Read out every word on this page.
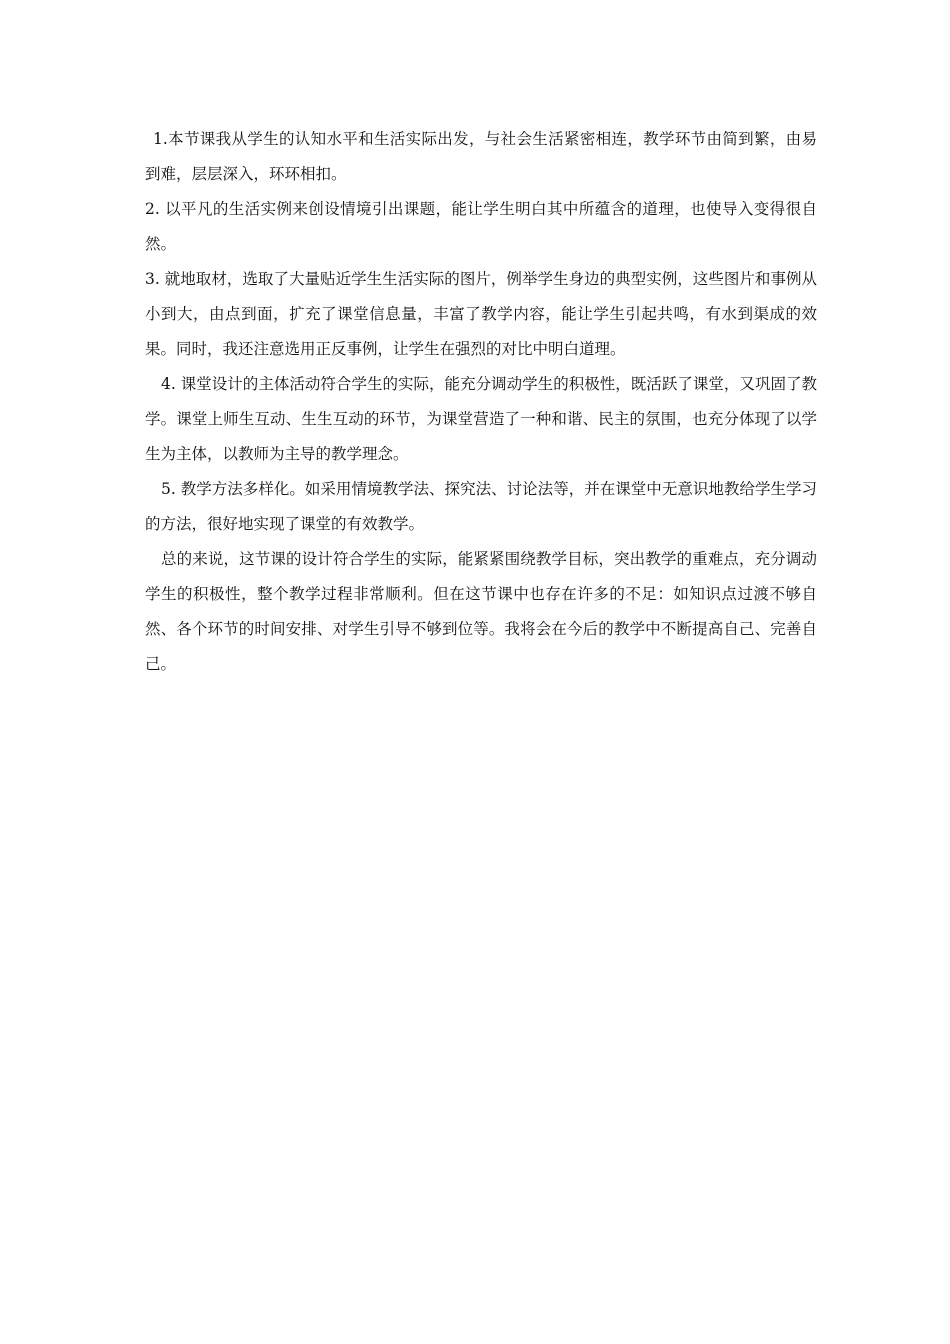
1.本节课我从学生的认知水平和生活实际出发，与社会生活紧密相连，教学环节由简到繁，由易到难，层层深入，环环相扣。

2. 以平凡的生活实例来创设情境引出课题，能让学生明白其中所蕴含的道理，也使导入变得很自然。

3. 就地取材，选取了大量贴近学生生活实际的图片，例举学生身边的典型实例，这些图片和事例从小到大，由点到面，扩充了课堂信息量，丰富了教学内容，能让学生引起共鸣，有水到渠成的效果。同时，我还注意选用正反事例，让学生在强烈的对比中明白道理。

4. 课堂设计的主体活动符合学生的实际，能充分调动学生的积极性，既活跃了课堂，又巩固了教学。课堂上师生互动、生生互动的环节，为课堂营造了一种和谐、民主的氛围，也充分体现了以学生为主体，以教师为主导的教学理念。

5. 教学方法多样化。如采用情境教学法、探究法、讨论法等，并在课堂中无意识地教给学生学习的方法，很好地实现了课堂的有效教学。

总的来说，这节课的设计符合学生的实际，能紧紧围绕教学目标，突出教学的重难点，充分调动学生的积极性，整个教学过程非常顺利。但在这节课中也存在许多的不足：如知识点过渡不够自然、各个环节的时间安排、对学生引导不够到位等。我将会在今后的教学中不断提高自己、完善自己。
